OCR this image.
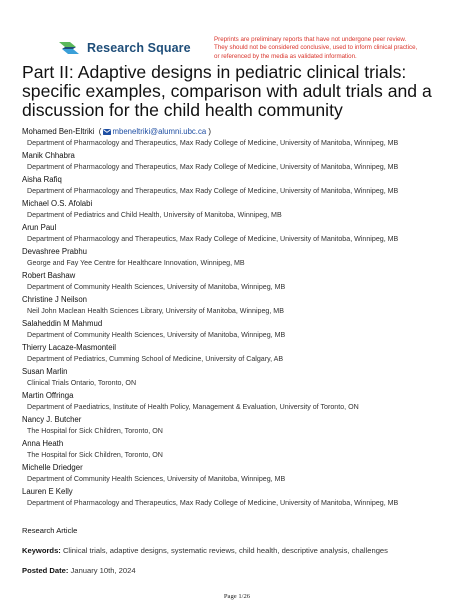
Research Square
Preprints are preliminary reports that have not undergone peer review.
They should not be considered conclusive, used to inform clinical practice,
or referenced by the media as validated information.
Part II: Adaptive designs in pediatric clinical trials: specific examples, comparison with adult trials and a discussion for the child health community
Mohamed Ben-Eltriki  ( mbeneltriki@alumni.ubc.ca )
Department of Pharmacology and Therapeutics, Max Rady College of Medicine, University of Manitoba, Winnipeg, MB
Manik Chhabra
Department of Pharmacology and Therapeutics, Max Rady College of Medicine, University of Manitoba, Winnipeg, MB
Aisha Rafiq
Department of Pharmacology and Therapeutics, Max Rady College of Medicine, University of Manitoba, Winnipeg, MB
Michael O.S. Afolabi
Department of Pediatrics and Child Health, University of Manitoba, Winnipeg, MB
Arun Paul
Department of Pharmacology and Therapeutics, Max Rady College of Medicine, University of Manitoba, Winnipeg, MB
Devashree Prabhu
George and Fay Yee Centre for Healthcare Innovation, Winnipeg, MB
Robert Bashaw
Department of Community Health Sciences, University of Manitoba, Winnipeg, MB
Christine J Neilson
Neil John Maclean Health Sciences Library, University of Manitoba, Winnipeg, MB
Salaheddin M Mahmud
Department of Community Health Sciences, University of Manitoba, Winnipeg, MB
Thierry Lacaze-Masmonteil
Department of Pediatrics, Cumming School of Medicine, University of Calgary, AB
Susan Marlin
Clinical Trials Ontario, Toronto, ON
Martin Offringa
Department of Paediatrics, Institute of Health Policy, Management & Evaluation, University of Toronto, ON
Nancy J. Butcher
The Hospital for Sick Children, Toronto, ON
Anna Heath
The Hospital for Sick Children, Toronto, ON
Michelle Driedger
Department of Community Health Sciences, University of Manitoba, Winnipeg, MB
Lauren E Kelly
Department of Pharmacology and Therapeutics, Max Rady College of Medicine, University of Manitoba, Winnipeg, MB
Research Article
Keywords: Clinical trials, adaptive designs, systematic reviews, child health, descriptive analysis, challenges
Posted Date: January 10th, 2024
Page 1/26
